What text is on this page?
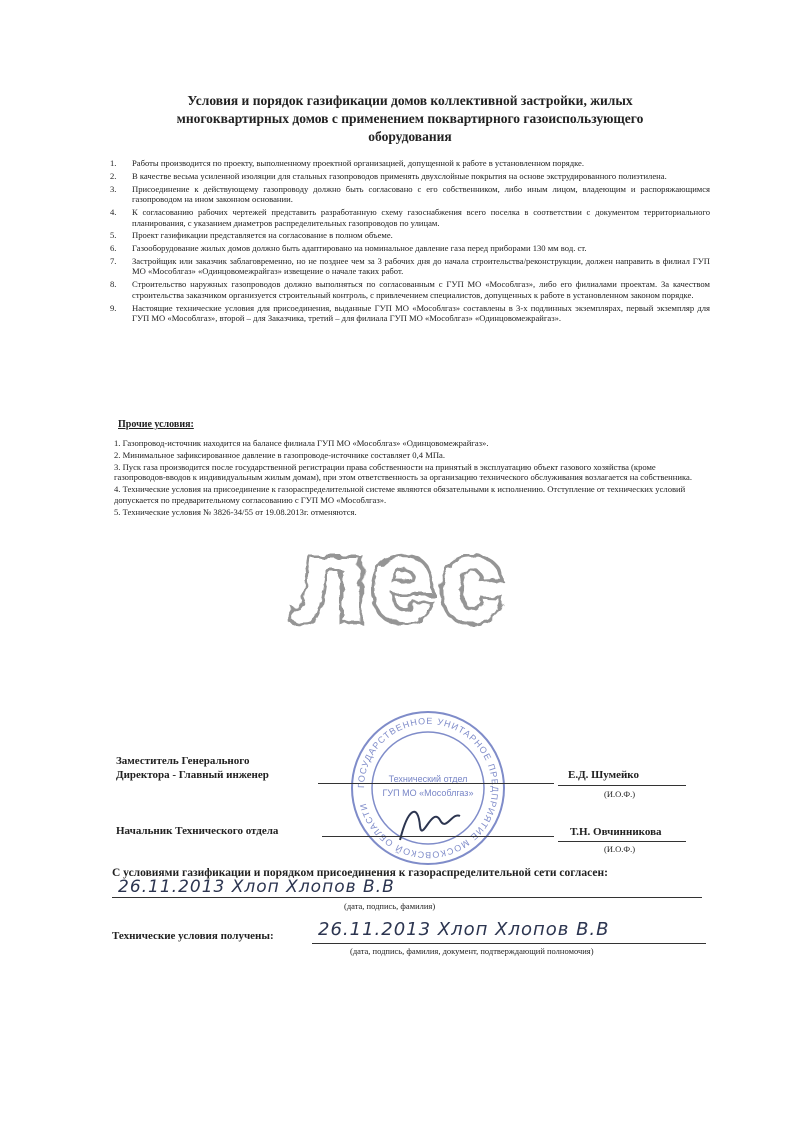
Условия и порядок газификации домов коллективной застройки, жилых
многоквартирных домов с применением поквартирного газоиспользующего
оборудования
1.	Работы производится по проекту, выполненному проектной организацией, допущенной к работе в установленном порядке.
2.	В качестве весьма усиленной изоляции для стальных газопроводов применять двухслойные покрытия на основе экструдированного полиэтилена.
3.	Присоединение к действующему газопроводу должно быть согласовано с его собственником, либо иным лицом, владеющим и распоряжающимся газопроводом на ином законном основании.
4.	К согласованию рабочих чертежей представить разработанную схему газоснабжения всего поселка в соответствии с документом территориального планирования, с указанием диаметров распределительных газопроводов по улицам.
5.	Проект газификации представляется на согласование в полном объеме.
6.	Газооборудование жилых домов должно быть адаптировано на номинальное давление газа перед приборами 130 мм вод. ст.
7.	Застройщик или заказчик заблаговременно, но не позднее чем за 3 рабочих дня до начала строительства/реконструкции, должен направить в филиал ГУП МО «Мособлгаз» «Одинцовомежрайгаз» извещение о начале таких работ.
8.	Строительство наружных газопроводов должно выполняться по согласованным с ГУП МО «Мособлгаз», либо его филиалами проектам. За качеством строительства заказчиком организуется строительный контроль, с привлечением специалистов, допущенных к работе в установленном законом порядке.
9.	Настоящие технические условия для присоединения, выданные ГУП МО «Мособлгаз» составлены в 3-х подлинных экземплярах, первый экземпляр для ГУП МО «Мособлгаз», второй – для Заказчика, третий – для филиала ГУП МО «Мособлгаз» «Одинцовомежрайгаз».
Прочие условия:
1. Газопровод-источник находится на балансе филиала ГУП МО «Мособлгаз» «Одинцовомежрайгаз».
2. Минимальное зафиксированное давление в газопроводе-источнике составляет 0,4 МПа.
3. Пуск газа производится после государственной регистрации права собственности на принятый в эксплуатацию объект газового хозяйства (кроме газопроводов-вводов к индивидуальным жилым домам), при этом ответственность за организацию технического обслуживания возлагается на собственника.
4. Технические условия на присоединение к газораспределительной системе являются обязательными к исполнению. Отступление от технических условий допускается по предварительному согласованию с ГУП МО «Мособлгаз».
5. Технические условия № 3826-34/55 от 19.08.2013г. отменяются.
лес
ГОСУДАРСТВЕННОЕ УНИТАРНОЕ ПРЕДПРИЯТИЕ МОСКОВСКОЙ ОБЛАСТИ
Технический отдел
ГУП МО «Мособлгаз»
Заместитель Генерального
Директора - Главный инженер	Е.Д. Шумейко
(И.О.Ф.)
Начальник Технического отдела	Т.Н. Овчинникова
(И.О.Ф.)
С условиями газификации и порядком присоединения к газораспределительной сети согласен:
26.11.2013 Хлоп Хлопов В.В
(дата, подпись, фамилия)
Технические условия получены: 26.11.2013 Хлоп Хлопов В.В
(дата, подпись, фамилия, документ, подтверждающий полномочия)
